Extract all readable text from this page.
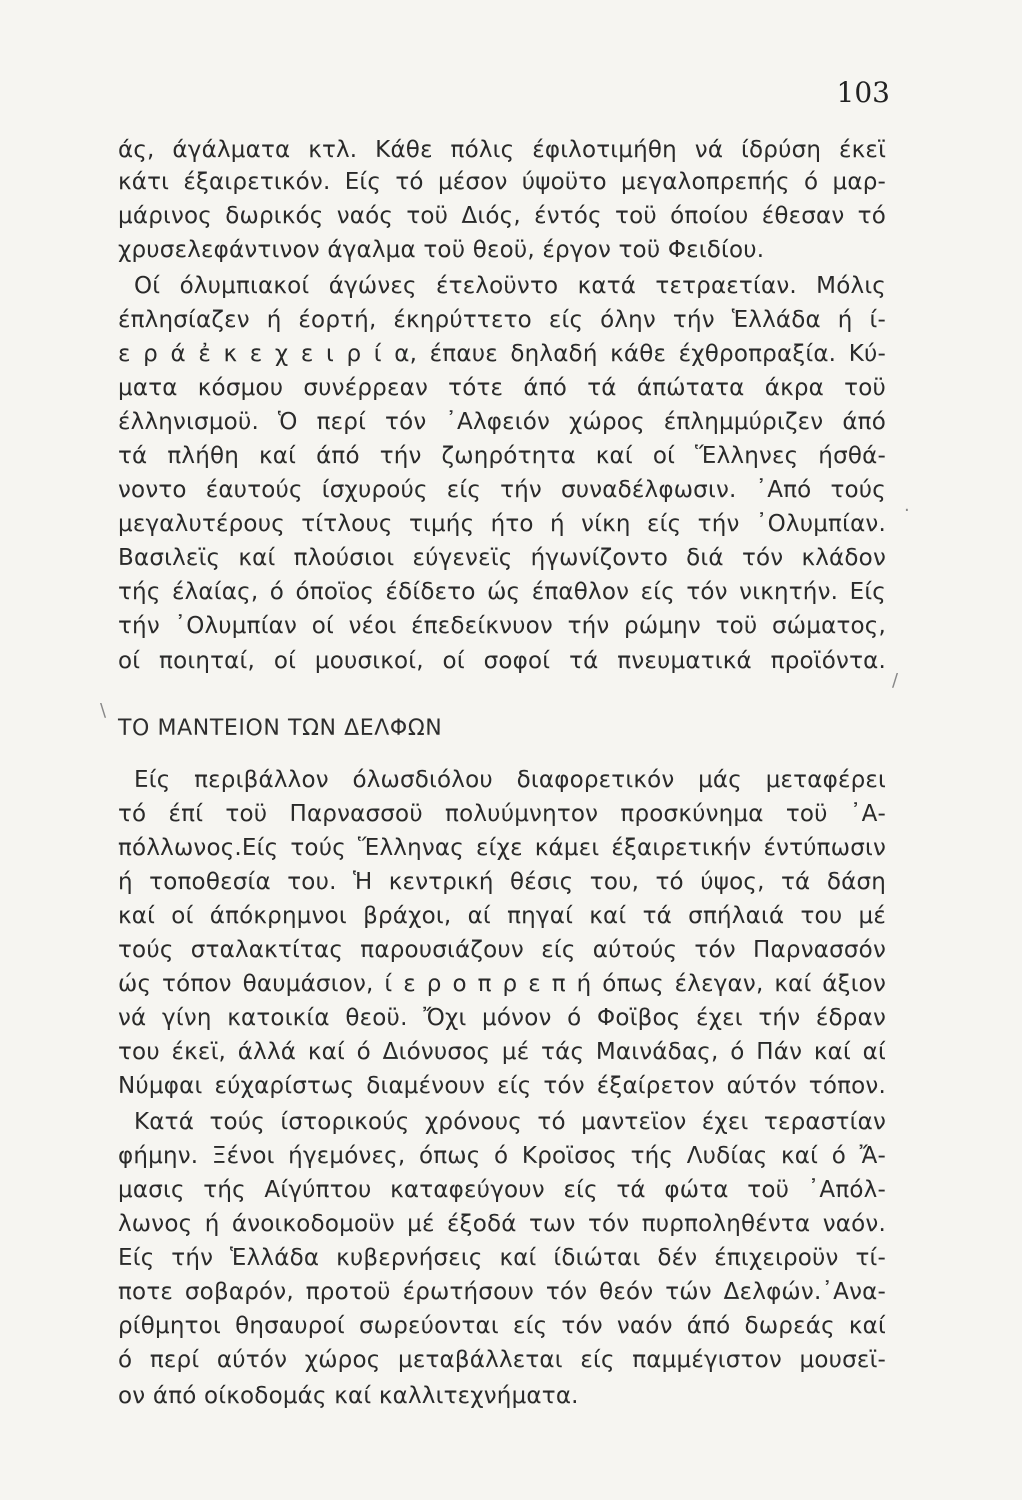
103
άς, άγάλματα κτλ. Κάθε πόλις έφιλοτιμήθη νά ίδρύση έκεϊ
κάτι έξαιρετικόν. Είς τό μέσον ύψοϋτο μεγαλοπρεπής ό μαρ-
μάρινος δωρικός ναός τοϋ Διός, έντός τοϋ όποίου έθεσαν τό
χρυσελεφάντινον άγαλμα τοϋ θεοϋ, έργον τοϋ Φειδίου.
Οί όλυμπιακοί άγώνες έτελοϋντο κατά τετραετίαν. Μόλις
έπλησίαζεν ή έορτή, έκηρύττετο είς όλην τήν Ἑλλάδα ή ί-
ε ρ ά ἐ κ ε χ ε ι ρ ί α, έπαυε δηλαδή κάθε έχθροπραξία. Κύ-
ματα κόσμου συνέρρεαν τότε άπό τά άπώτατα άκρα τοϋ
έλληνισμοϋ. Ὁ περί τόν ᾿Αλφειόν χώρος έπλημμύριζεν άπό
τά πλήθη καί άπό τήν ζωηρότητα καί οί Ἕλληνες ήσθά-
νοντο έαυτούς ίσχυρούς είς τήν συναδέλφωσιν. ᾿Από τούς
μεγαλυτέρους τίτλους τιμής ήτο ή νίκη είς τήν ᾿Ολυμπίαν.
Βασιλεϊς καί πλούσιοι εύγενεϊς ήγωνίζοντο διά τόν κλάδον
τής έλαίας, ό όποϊος έδίδετο ώς έπαθλον είς τόν νικητήν. Είς
τήν ᾿Ολυμπίαν οί νέοι έπεδείκνυον τήν ρώμην τοϋ σώματος,
οί ποιηταί, οί μουσικοί, οί σοφοί τά πνευματικά προϊόντα.
ΤΟ ΜΑΝΤΕΙΟΝ ΤΩΝ ΔΕΛΦΩΝ
Είς περιβάλλον όλωσδιόλου διαφορετικόν μάς μεταφέρει
τό έπί τοϋ Παρνασσοϋ πολυύμνητον προσκύνημα τοϋ ᾿Α-
πόλλωνος.Είς τούς Ἕλληνας είχε κάμει έξαιρετικήν έντύπωσιν
ή τοποθεσία του. Ἡ κεντρική θέσις του, τό ύψος, τά δάση
καί οί άπόκρημνοι βράχοι, αί πηγαί καί τά σπήλαιά του μέ
τούς σταλακτίτας παρουσιάζουν είς αύτούς τόν Παρνασσόν
ώς τόπον θαυμάσιον, ί ε ρ ο π ρ ε π ή όπως έλεγαν, καί άξιον
νά γίνη κατοικία θεοϋ. Ὄχι μόνον ό Φοϊβος έχει τήν έδραν
του έκεϊ, άλλά καί ό Διόνυσος μέ τάς Μαινάδας, ό Πάν καί αί
Νύμφαι εύχαρίστως διαμένουν είς τόν έξαίρετον αύτόν τόπον.
Κατά τούς ίστορικούς χρόνους τό μαντεϊον έχει τεραστίαν
φήμην. Ξένοι ήγεμόνες, όπως ό Κροϊσος τής Λυδίας καί ό Ἄ-
μασις τής Αίγύπτου καταφεύγουν είς τά φώτα τοϋ ᾿Απόλ-
λωνος ή άνοικοδομοϋν μέ έξοδά των τόν πυρποληθέντα ναόν.
Είς τήν Ἑλλάδα κυβερνήσεις καί ίδιώται δέν έπιχειροϋν τί-
ποτε σοβαρόν, προτοϋ έρωτήσουν τόν θεόν τών Δελφών.᾿Ανα-
ρίθμητοι θησαυροί σωρεύονται είς τόν ναόν άπό δωρεάς καί
ό περί αύτόν χώρος μεταβάλλεται είς παμμέγιστον μουσεϊ-
ον άπό οίκοδομάς καί καλλιτεχνήματα.
·
/
\
